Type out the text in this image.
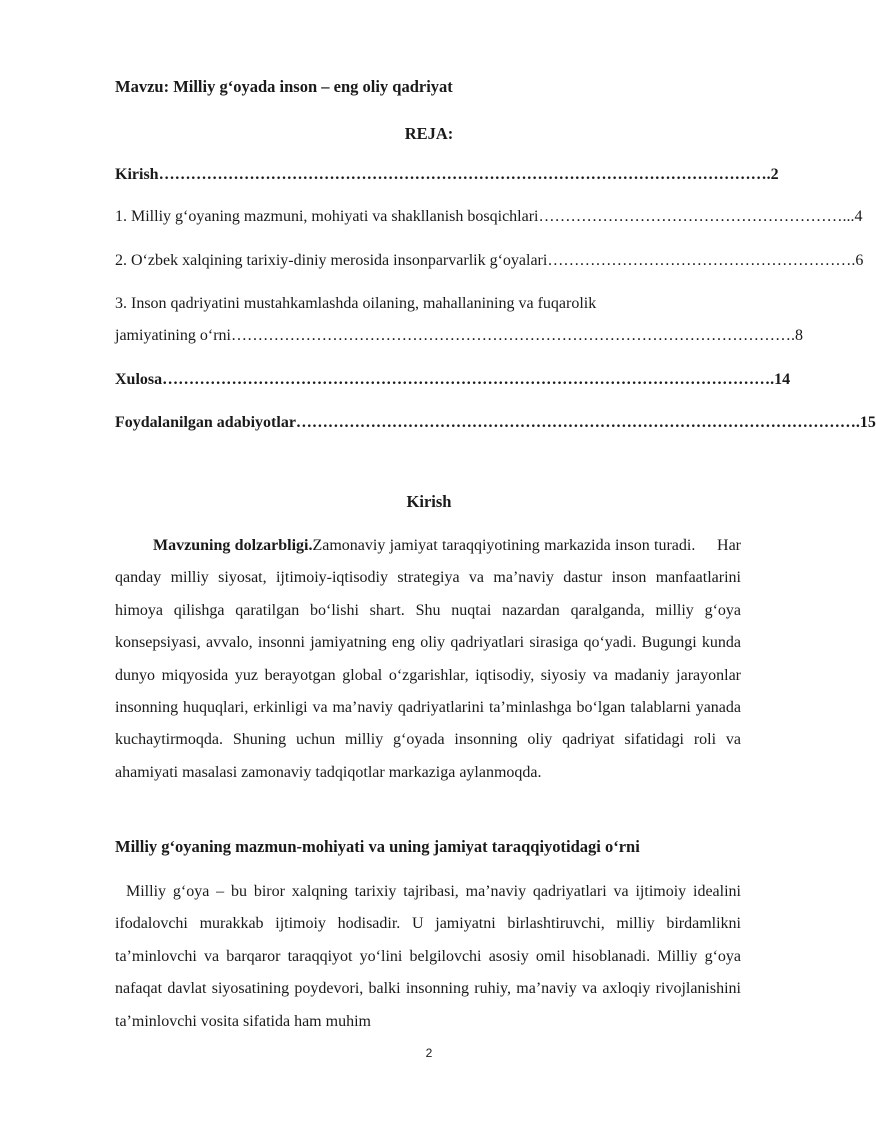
Mavzu: Milliy g‘oyada inson – eng oliy qadriyat
REJA:
Kirish …………………………………………………………………………………………………… .2
1. Milliy g‘oyaning mazmuni, mohiyati va shakllanish bosqichlari ………………………………………………… ...4
2. O‘zbek xalqining tarixiy-diniy merosida insonparvarlik g‘oyalari ………………………………………………… .6
3. Inson qadriyatini mustahkamlashda oilaning, mahallanining va fuqarolik
jamiyatining o‘rni …………………………………………………………………………………………… .8
Xulosa …………………………………………………………………………………………………… .14
Foydalanilgan adabiyotlar …………………………………………………………………………………………… .15
Kirish
Mavzuning dolzarbligi.Zamonaviy jamiyat taraqqiyotining markazida inson turadi.     Har qanday milliy siyosat, ijtimoiy-iqtisodiy strategiya va ma’naviy dastur inson manfaatlarini himoya qilishga qaratilgan bo‘lishi shart. Shu nuqtai nazardan qaralganda, milliy g‘oya konsepsiyasi, avvalo, insonni jamiyatning eng oliy qadriyatlari sirasiga qo‘yadi. Bugungi kunda dunyo miqyosida yuz berayotgan global o‘zgarishlar, iqtisodiy, siyosiy va madaniy jarayonlar insonning huquqlari, erkinligi va ma’naviy qadriyatlarini ta’minlashga bo‘lgan talablarni yanada kuchaytirmoqda. Shuning uchun milliy g‘oyada insonning oliy qadriyat sifatidagi roli va ahamiyati masalasi zamonaviy tadqiqotlar markaziga aylanmoqda.
Milliy g‘oyaning mazmun-mohiyati va uning jamiyat taraqqiyotidagi o‘rni
Milliy g‘oya – bu biror xalqning tarixiy tajribasi, ma’naviy qadriyatlari va ijtimoiy idealini ifodalovchi murakkab ijtimoiy hodisadir. U jamiyatni birlashtiruvchi, milliy birdamlikni ta’minlovchi va barqaror taraqqiyot yo‘lini belgilovchi asosiy omil hisoblanadi. Milliy g‘oya nafaqat davlat siyosatining poydevori, balki insonning ruhiy, ma’naviy va axloqiy rivojlanishini ta’minlovchi vosita sifatida ham muhim
2
